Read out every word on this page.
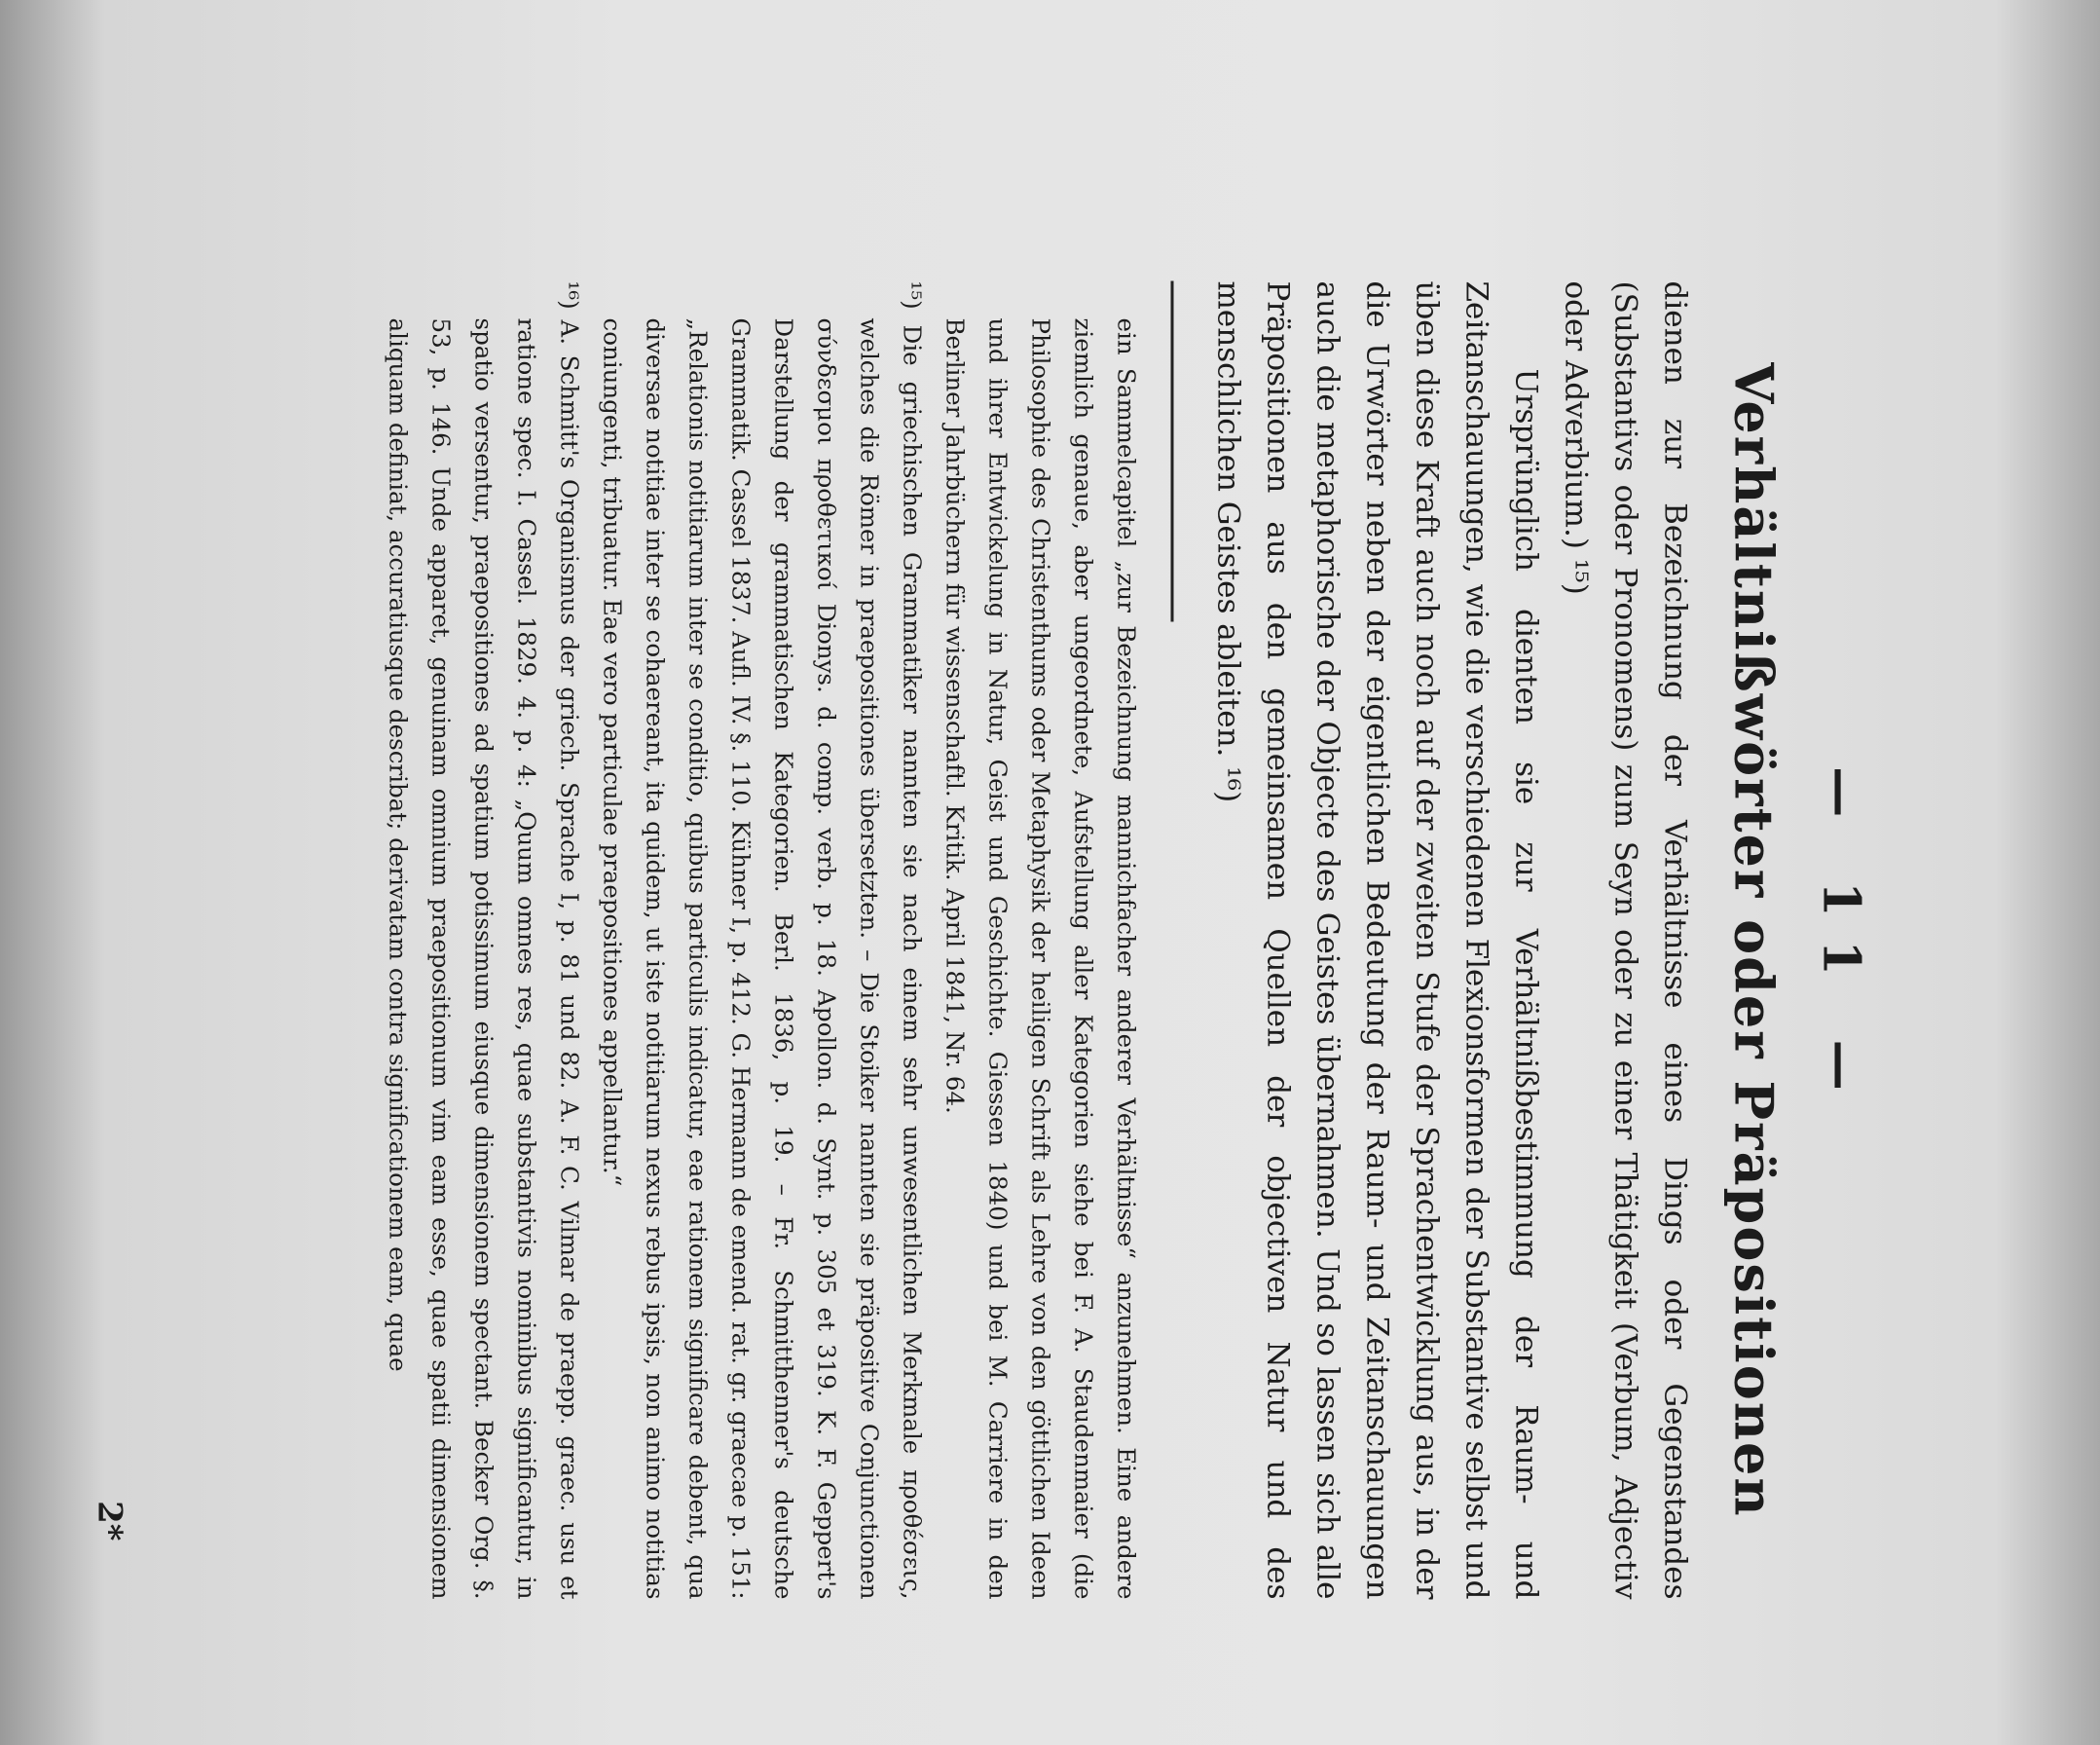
— 11 —
Verhältnißwörter oder Präpositionen

dienen zur Bezeichnung der Verhältnisse eines Dings oder Gegenstandes (Substantivs oder Pronomens) zum Seyn oder zu einer Thätigkeit (Verbum, Adjectiv oder Adverbium.) ¹⁵)

Ursprünglich dienten sie zur Verhältnißbestimmung der Raum- und Zeitanschauungen, wie die verschiedenen Flexionsformen der Substantive selbst und üben diese Kraft auch noch auf der zweiten Stufe der Sprachentwicklung aus, in der die Urwörter neben der eigentlichen Bedeutung der Raum- und Zeitanschauungen auch die metaphorische der Objecte des Geistes übernahmen. Und so lassen sich alle Präpositionen aus den gemeinsamen Quellen der objectiven Natur und des menschlichen Geistes ableiten. ¹⁶)

ein Sammelcapitel „zur Bezeichnung mannichfacher anderer Verhältnisse“ anzunehmen. Eine andere ziemlich genaue, aber ungeordnete, Aufstellung aller Kategorien siehe bei F. A. Staudenmaier (die Philosophie des Christenthums oder Metaphysik der heiligen Schrift als Lehre von den göttlichen Ideen und ihrer Entwickelung in Natur, Geist und Geschichte. Giessen 1840) und bei M. Carriere in den Berliner Jahrbüchern für wissenschaftl. Kritik. April 1841, Nr. 64.

¹⁵) Die griechischen Grammatiker nannten sie nach einem sehr unwesentlichen Merkmale προθέσεις, welches die Römer in praepositiones übersetzten. – Die Stoiker nannten sie präpositive Conjunctionen σύνδεσμοι προθετικοί Dionys. d. comp. verb. p. 18. Apollon. d. Synt. p. 305 et 319. K. F. Geppert's Darstellung der grammatischen Kategorien. Berl. 1836, p. 19. – Fr. Schmitthenner's deutsche Grammatik. Cassel 1837. Aufl. IV. §. 110. Kühner I, p. 412. G. Hermann de emend. rat. gr. graecae p. 151: „Relationis notitiarum inter se conditio, quibus particulis indicatur, eae rationem significare debent, qua diversae notitiae inter se cohaereant, ita quidem, ut iste notitiarum nexus rebus ipsis, non animo notitias coniungenti, tribuatur. Eae vero particulae praepositiones appellantur.“

¹⁶) A. Schmitt's Organismus der griech. Sprache I, p. 81 und 82. A. F. C. Vilmar de praepp. graec. usu et ratione spec. I. Cassel. 1829. 4. p. 4: „Quum omnes res, quae substantivis nominibus significantur, in spatio versentur, praepositiones ad spatium potissimum eiusque dimensionem spectant. Becker Org. §. 53, p. 146. Unde apparet, genuinam omnium praepositionum vim eam esse, quae spatii dimensionem aliquam definiat, accuratiusque describat; derivatam contra significationem eam, quae

2*
